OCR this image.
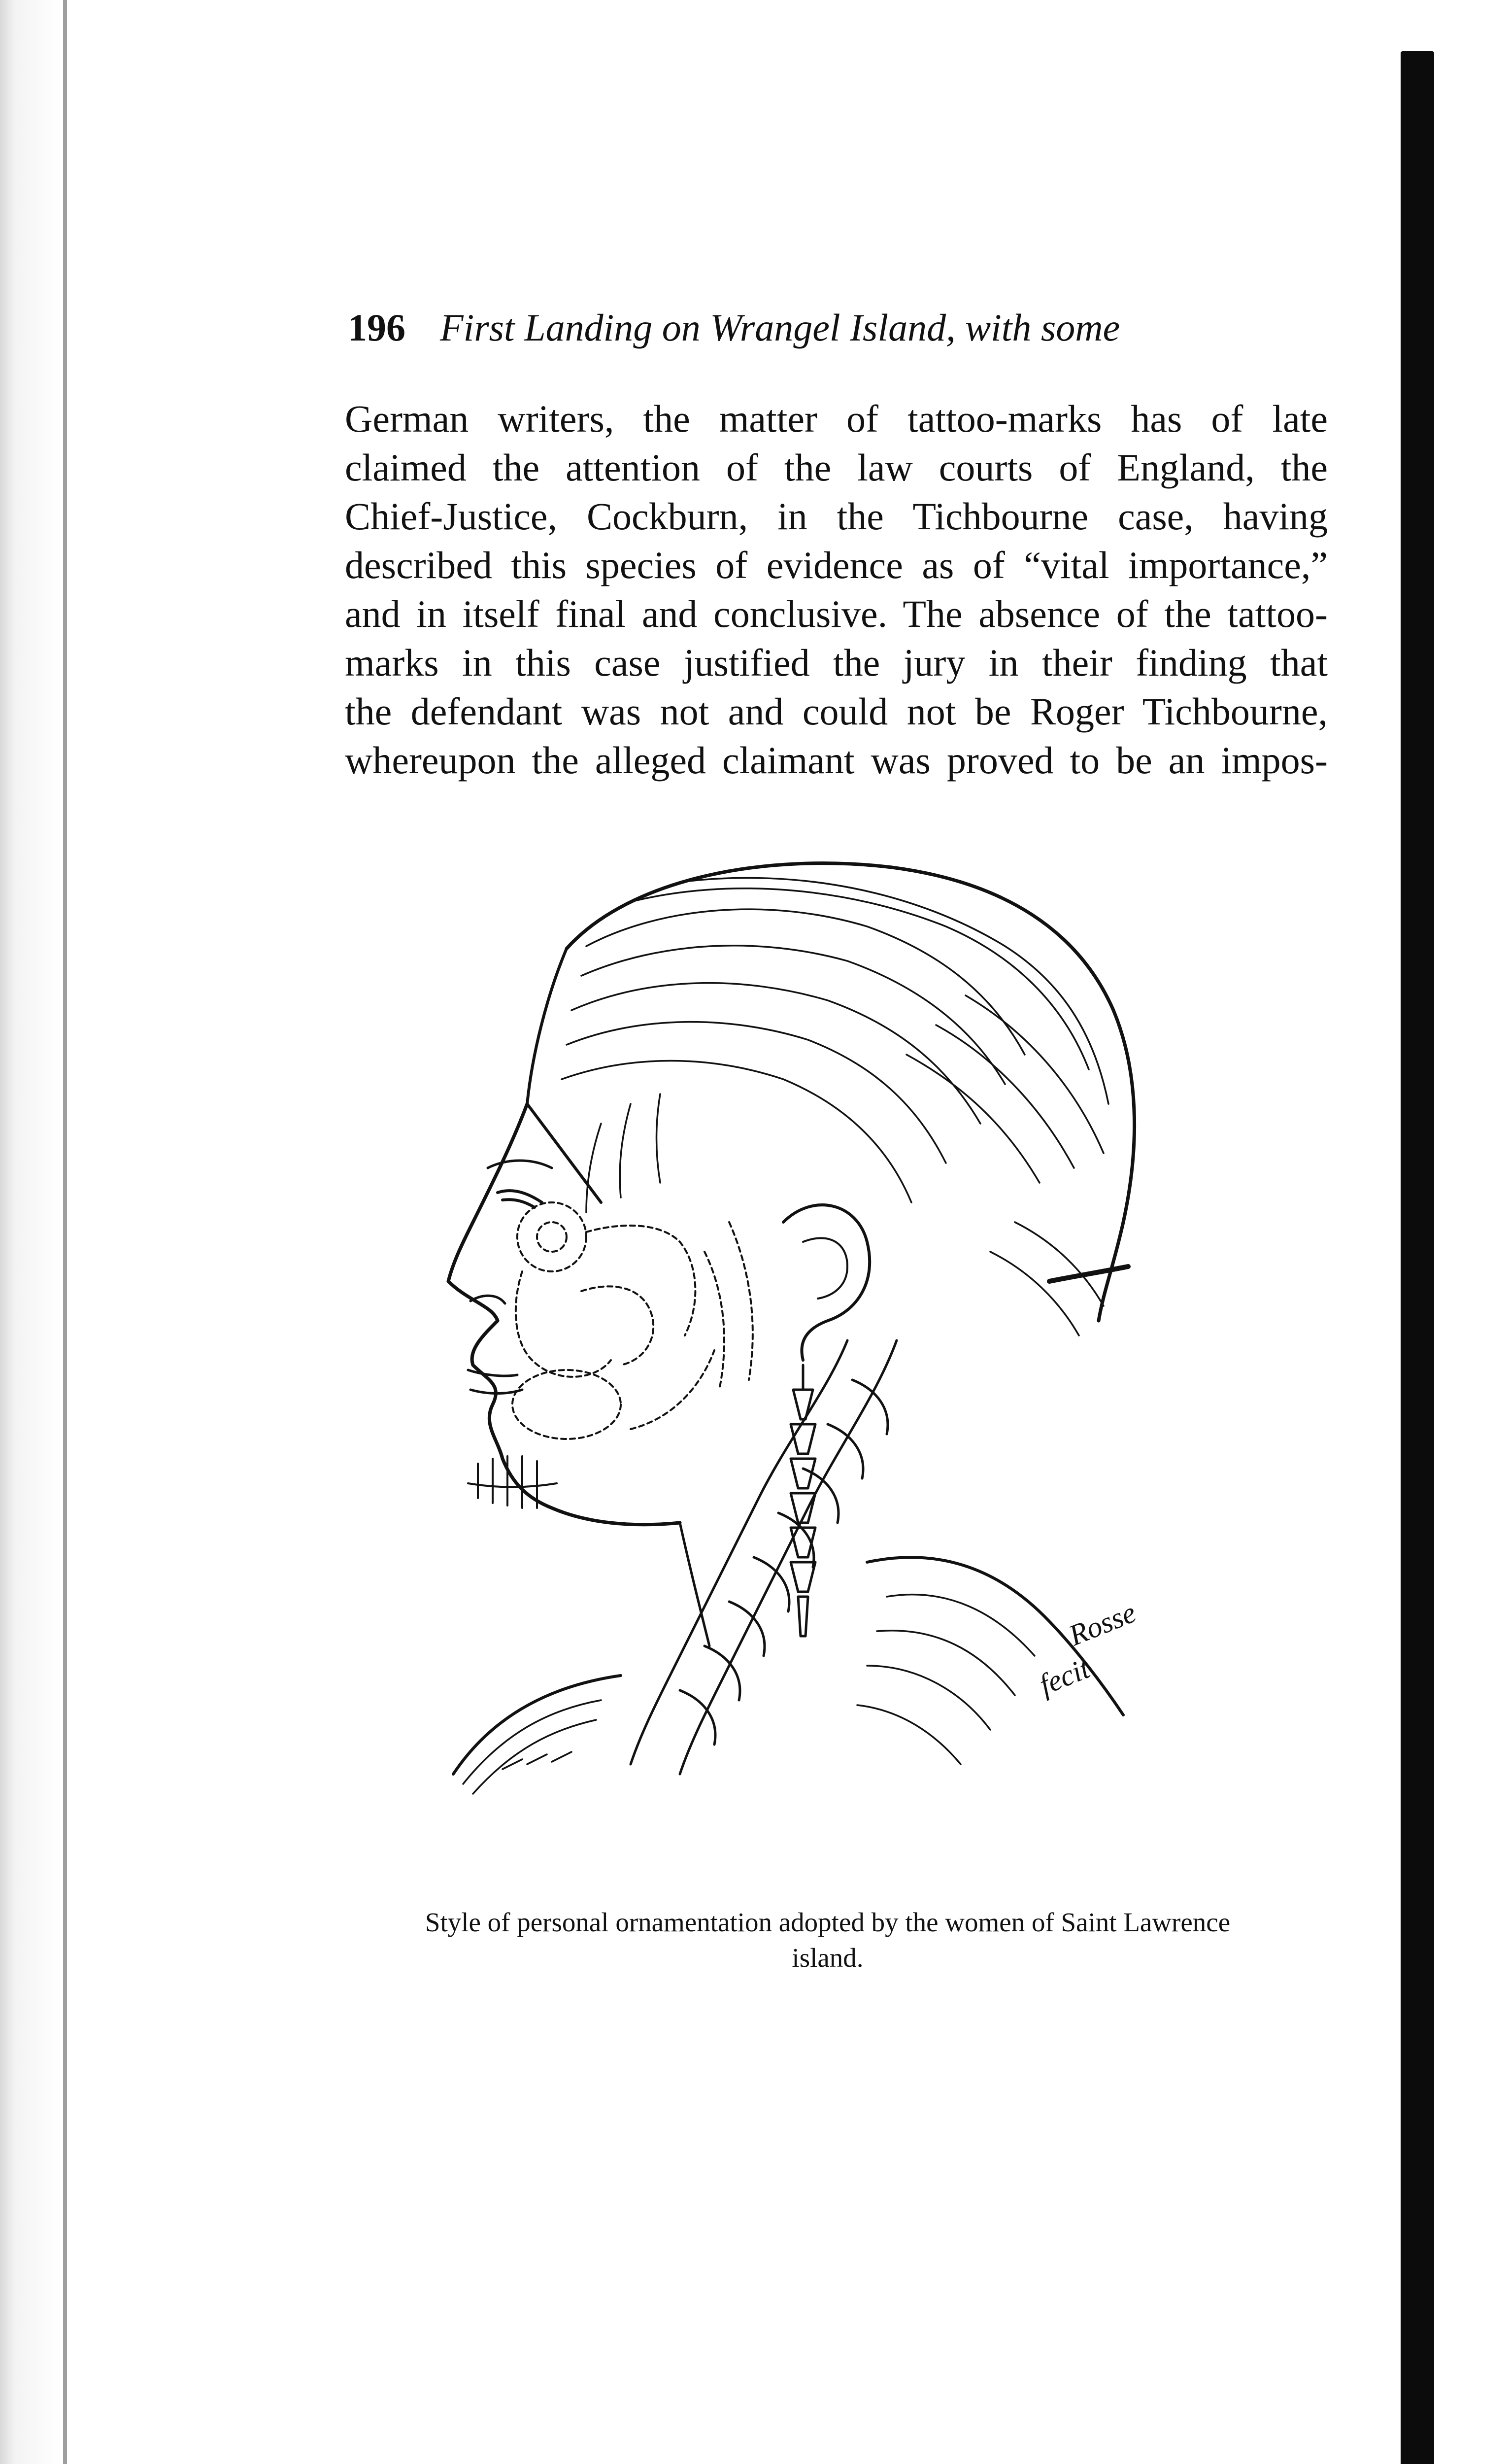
196 First Landing on Wrangel Island, with some
German writers, the matter of tattoo-marks has of late
claimed the attention of the law courts of England, the
Chief-Justice, Cockburn, in the Tichbourne case, having
described this species of evidence as of “vital importance,”
and in itself final and conclusive. The absence of the tattoo-
marks in this case justified the jury in their finding that
the defendant was not and could not be Roger Tichbourne,
whereupon the alleged claimant was proved to be an impos-
Rosse
fecit
Style of personal ornamentation adopted by the women of Saint Lawrence
island.
